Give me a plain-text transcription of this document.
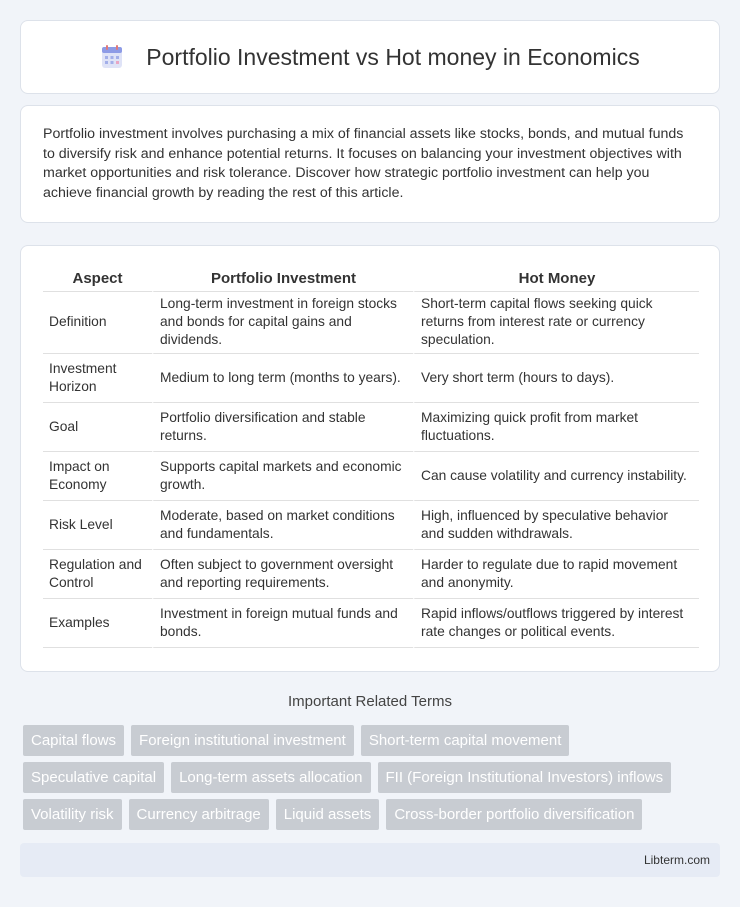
Portfolio Investment vs Hot money in Economics

Portfolio investment involves purchasing a mix of financial assets like stocks, bonds, and mutual funds to diversify risk and enhance potential returns. It focuses on balancing your investment objectives with market opportunities and risk tolerance. Discover how strategic portfolio investment can help you achieve financial growth by reading the rest of this article.

Aspect	Portfolio Investment	Hot Money
Definition	Long-term investment in foreign stocks and bonds for capital gains and dividends.	Short-term capital flows seeking quick returns from interest rate or currency speculation.
Investment Horizon	Medium to long term (months to years).	Very short term (hours to days).
Goal	Portfolio diversification and stable returns.	Maximizing quick profit from market fluctuations.
Impact on Economy	Supports capital markets and economic growth.	Can cause volatility and currency instability.
Risk Level	Moderate, based on market conditions and fundamentals.	High, influenced by speculative behavior and sudden withdrawals.
Regulation and Control	Often subject to government oversight and reporting requirements.	Harder to regulate due to rapid movement and anonymity.
Examples	Investment in foreign mutual funds and bonds.	Rapid inflows/outflows triggered by interest rate changes or political events.
Important Related Terms
Capital flows	Foreign institutional investment	Short-term capital movement
Speculative capital	Long-term assets allocation	FII (Foreign Institutional Investors) inflows
Volatility risk	Currency arbitrage	Liquid assets	Cross-border portfolio diversification
Libterm.com
